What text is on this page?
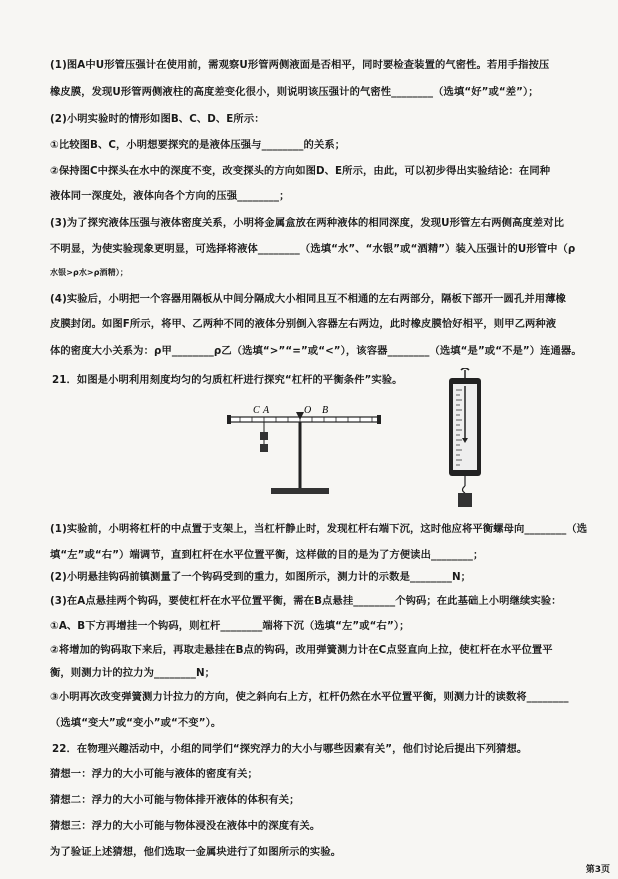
(1)图A中U形管压强计在使用前，需观察U形管两侧液面是否相平，同时要检查装置的气密性。若用手指按压
橡皮膜，发现U形管两侧液柱的高度差变化很小，则说明该压强计的气密性________（选填“好”或“差”）；
(2)小明实验时的情形如图B、C、D、E所示：
①比较图B、C，小明想要探究的是液体压强与________的关系；
②保持图C中探头在水中的深度不变，改变探头的方向如图D、E所示，由此，可以初步得出实验结论：在同种
液体同一深度处，液体向各个方向的压强________；
(3)为了探究液体压强与液体密度关系，小明将金属盒放在两种液体的相同深度，发现U形管左右两侧高度差对比
不明显，为使实验现象更明显，可选择将液体________（选填“水”、“水银”或“酒精”）装入压强计的U形管中（ρ
水银>ρ水>ρ酒精）；
(4)实验后，小明把一个容器用隔板从中间分隔成大小相同且互不相通的左右两部分，隔板下部开一圆孔并用薄橡
皮膜封闭。如图F所示，将甲、乙两种不同的液体分别倒入容器左右两边，此时橡皮膜恰好相平，则甲乙两种液
体的密度大小关系为：ρ甲________ρ乙（选填“>”“=”或“<”），该容器________（选填“是”或“不是”）连通器。
21．如图是小明利用刻度均匀的匀质杠杆进行探究“杠杆的平衡条件”实验。
C A	O B
(1)实验前，小明将杠杆的中点置于支架上，当杠杆静止时，发现杠杆右端下沉，这时他应将平衡螺母向________（选
填“左”或“右”）端调节，直到杠杆在水平位置平衡，这样做的目的是为了方便读出________；
(2)小明悬挂钩码前镇测量了一个钩码受到的重力，如图所示，测力计的示数是________N；
(3)在A点悬挂两个钩码，要使杠杆在水平位置平衡，需在B点悬挂________个钩码；在此基础上小明继续实验：
①A、B下方再增挂一个钩码，则杠杆________端将下沉（选填“左”或“右”）；
②将增加的钩码取下来后，再取走悬挂在B点的钩码，改用弹簧测力计在C点竖直向上拉，使杠杆在水平位置平
衡，则测力计的拉力为________N；
③小明再次改变弹簧测力计拉力的方向，使之斜向右上方，杠杆仍然在水平位置平衡，则测力计的读数将________
（选填“变大”或“变小”或“不变”）。
22．在物理兴趣活动中，小组的同学们“探究浮力的大小与哪些因素有关”，他们讨论后提出下列猜想。
猜想一：浮力的大小可能与液体的密度有关；
猜想二：浮力的大小可能与物体排开液体的体积有关；
猜想三：浮力的大小可能与物体浸没在液体中的深度有关。
为了验证上述猜想，他们选取一金属块进行了如图所示的实验。
第3页
